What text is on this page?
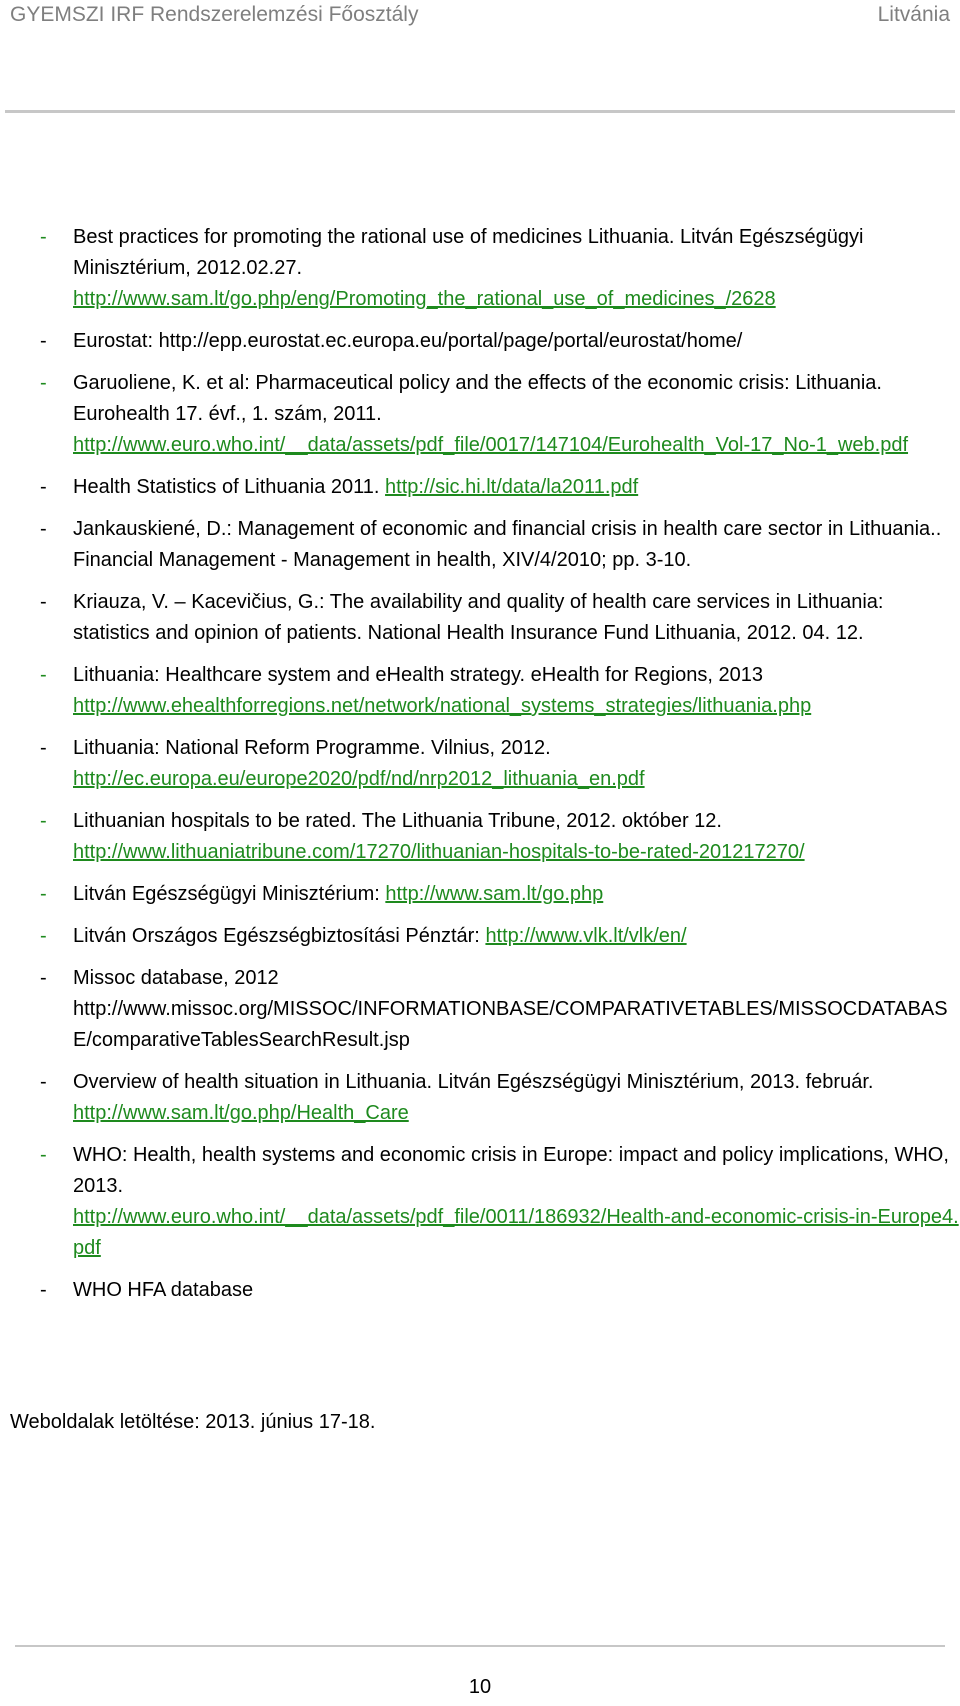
GYEMSZI IRF Rendszerelemzési Főosztály	Litvánia
- Best practices for promoting the rational use of medicines Lithuania. Litván Egészségügyi Minisztérium, 2012.02.27.
http://www.sam.lt/go.php/eng/Promoting_the_rational_use_of_medicines_/2628
- Eurostat: http://epp.eurostat.ec.europa.eu/portal/page/portal/eurostat/home/
- Garuoliene, K. et al: Pharmaceutical policy and the effects of the economic crisis: Lithuania. Eurohealth 17. évf., 1. szám, 2011.
http://www.euro.who.int/__data/assets/pdf_file/0017/147104/Eurohealth_Vol-17_No-1_web.pdf
- Health Statistics of Lithuania 2011. http://sic.hi.lt/data/la2011.pdf
- Jankauskiené, D.: Management of economic and financial crisis in health care sector in Lithuania.. Financial Management - Management in health, XIV/4/2010; pp. 3-10.
- Kriauza, V. – Kacevičius, G.: The availability and quality of health care services in Lithuania: statistics and opinion of patients. National Health Insurance Fund Lithuania, 2012. 04. 12.
- Lithuania: Healthcare system and eHealth strategy. eHealth for Regions, 2013
http://www.ehealthforregions.net/network/national_systems_strategies/lithuania.php
- Lithuania: National Reform Programme. Vilnius, 2012.
http://ec.europa.eu/europe2020/pdf/nd/nrp2012_lithuania_en.pdf
- Lithuanian hospitals to be rated. The Lithuania Tribune, 2012. október 12.
http://www.lithuaniatribune.com/17270/lithuanian-hospitals-to-be-rated-201217270/
- Litván Egészségügyi Minisztérium: http://www.sam.lt/go.php
- Litván Országos Egészségbiztosítási Pénztár: http://www.vlk.lt/vlk/en/
- Missoc database, 2012
http://www.missoc.org/MISSOC/INFORMATIONBASE/COMPARATIVETABLES/MISSOCDATABASE/comparativeTablesSearchResult.jsp
- Overview of health situation in Lithuania. Litván Egészségügyi Minisztérium, 2013. február.
http://www.sam.lt/go.php/Health_Care
- WHO: Health, health systems and economic crisis in Europe: impact and policy implications, WHO, 2013.
http://www.euro.who.int/__data/assets/pdf_file/0011/186932/Health-and-economic-crisis-in-Europe4.pdf
- WHO HFA database
Weboldalak letöltése: 2013. június 17-18.
10
